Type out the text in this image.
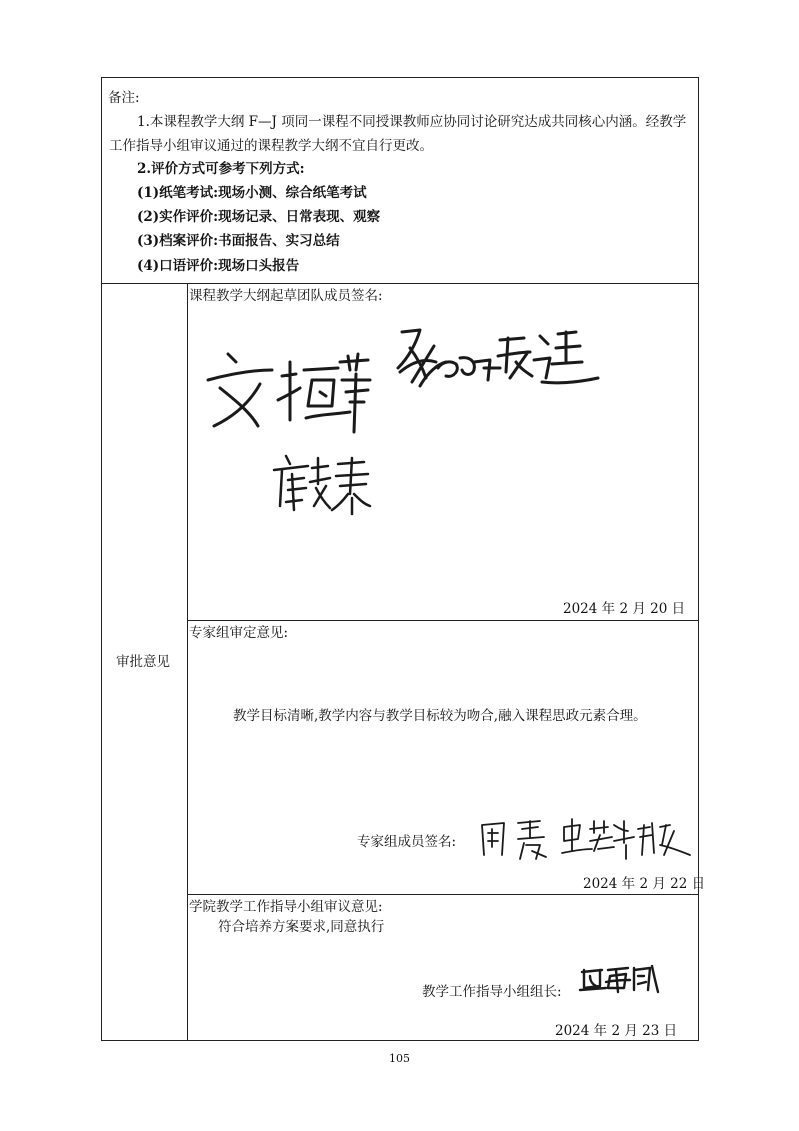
备注:
1.本课程教学大纲 F—J 项同一课程不同授课教师应协同讨论研究达成共同核心内涵。经教学工作指导小组审议通过的课程教学大纲不宜自行更改。
2.评价方式可参考下列方式:
(1)纸笔考试:现场小测、综合纸笔考试
(2)实作评价:现场记录、日常表现、观察
(3)档案评价:书面报告、实习总结
(4)口语评价:现场口头报告
审批意见
课程教学大纲起草团队成员签名:
2024 年 2 月 20 日
专家组审定意见:
教学目标清晰,教学内容与教学目标较为吻合,融入课程思政元素合理。
专家组成员签名:
2024 年 2 月 22 日
学院教学工作指导小组审议意见:
符合培养方案要求,同意执行
教学工作指导小组组长:
2024 年 2 月 23 日
105
